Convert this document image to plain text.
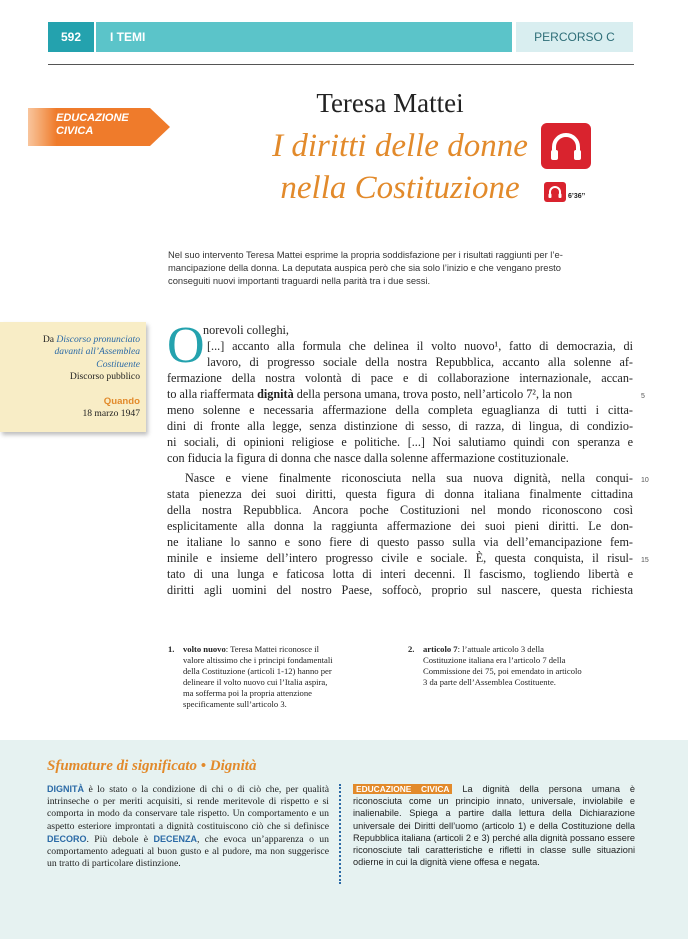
592	I TEMI	PERCORSO C
EDUCAZIONE
CIVICA
Teresa Mattei
I diritti delle donne
nella Costituzione	6’36’’
Nel suo intervento Teresa Mattei esprime la propria soddisfazione per i risultati raggiunti per l’e-
mancipazione della donna. La deputata auspica però che sia solo l’inizio e che vengano presto
conseguiti nuovi importanti traguardi nella parità tra i due sessi.
Da Discorso pronunciato
davanti all’Assemblea
Costituente
Discorso pubblico
Quando
18 marzo 1947
O
norevoli colleghi,
[...] accanto alla formula che delinea il volto nuovo¹, fatto di democrazia, di
lavoro, di progresso sociale della nostra Repubblica, accanto alla solenne af-
fermazione della nostra volontà di pace e di collaborazione internazionale, accan-
to alla riaffermata dignità della persona umana, trova posto, nell’articolo 7², la non
meno solenne e necessaria affermazione della completa eguaglianza di tutti i citta-
dini di fronte alla legge, senza distinzione di sesso, di razza, di lingua, di condizio-
ni sociali, di opinioni religiose e politiche. [...] Noi salutiamo quindi con speranza e
con fiducia la figura di donna che nasce dalla solenne affermazione costituzionale.
Nasce e viene finalmente riconosciuta nella sua nuova dignità, nella conqui-
stata pienezza dei suoi diritti, questa figura di donna italiana finalmente cittadina
della nostra Repubblica. Ancora poche Costituzioni nel mondo riconoscono così
esplicitamente alla donna la raggiunta affermazione dei suoi pieni diritti. Le don-
ne italiane lo sanno e sono fiere di questo passo sulla via dell’emancipazione fem-
minile e insieme dell’intero progresso civile e sociale. È, questa conquista, il risul-
tato di una lunga e faticosa lotta di interi decenni. Il fascismo, togliendo libertà e
diritti agli uomini del nostro Paese, soffocò, proprio sul nascere, questa richiesta
5
10
15
1. volto nuovo: Teresa Mattei riconosce il
valore altissimo che i principi fondamentali
della Costituzione (articoli 1-12) hanno per
delineare il volto nuovo cui l’Italia aspira,
ma sofferma poi la propria attenzione
specificamente sull’articolo 3.
2. articolo 7: l’attuale articolo 3 della
Costituzione italiana era l’articolo 7 della
Commissione dei 75, poi emendato in articolo
3 da parte dell’Assemblea Costituente.
Sfumature di significato • Dignità
DIGNITÀ è lo stato o la condizione di chi o di ciò che, per qualità intrinseche o per meriti acquisiti, si rende meritevole di rispetto e si comporta in modo da conservare tale rispetto. Un comportamento e un aspetto esteriore improntati a dignità costituiscono ciò che si definisce DECORO. Più debole è DECENZA, che evoca un’apparenza o un comportamento adeguati al buon gusto e al pudore, ma non suggerisce un tratto di particolare distinzione.
EDUCAZIONE CIVICA La dignità della persona umana è riconosciuta come un principio innato, universale, inviolabile e inalienabile. Spiega a partire dalla lettura della Dichiarazione universale dei Diritti dell’uomo (articolo 1) e della Costituzione della Repubblica italiana (articoli 2 e 3) perché alla dignità possano essere riconosciute tali caratteristiche e rifletti in classe sulle situazioni odierne in cui la dignità viene offesa e negata.
